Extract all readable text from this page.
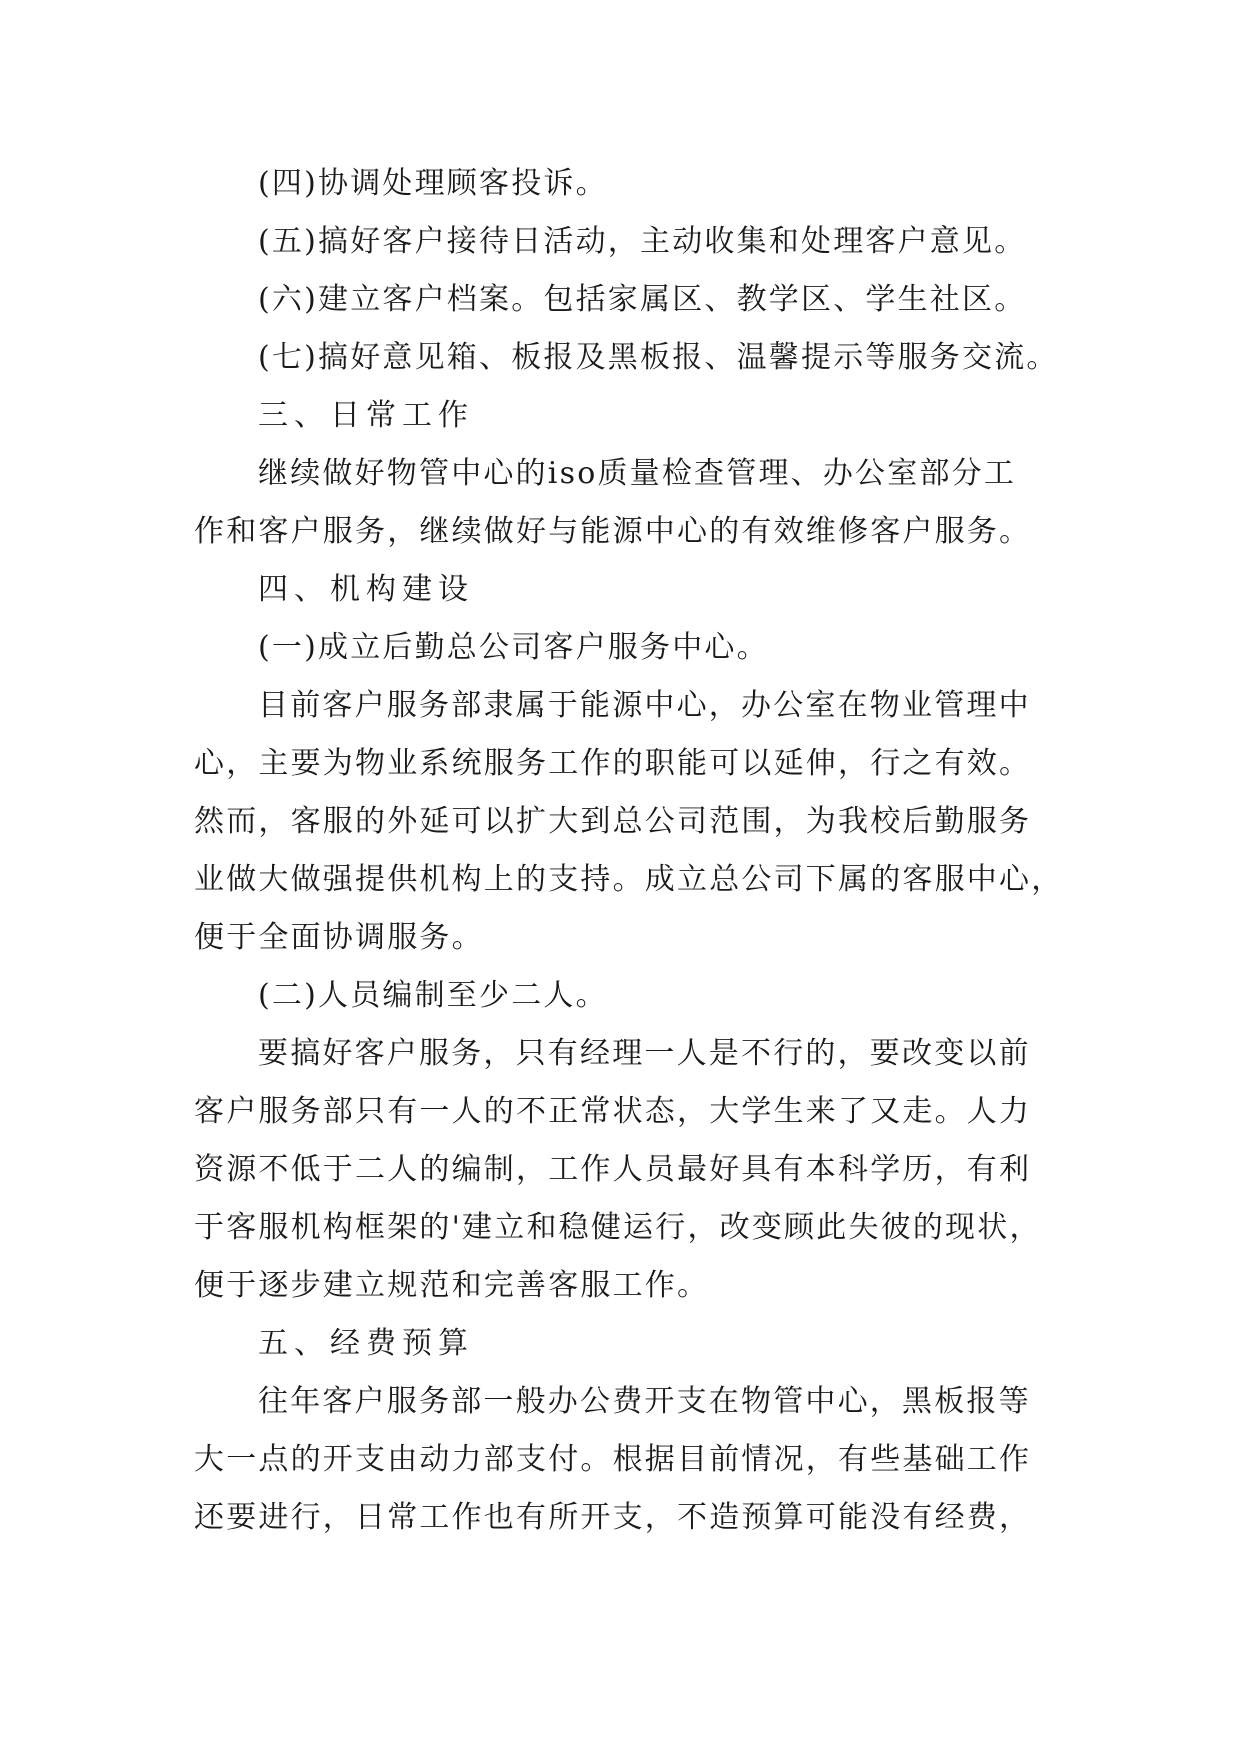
(四)协调处理顾客投诉。
(五)搞好客户接待日活动，主动收集和处理客户意见。
(六)建立客户档案。包括家属区、教学区、学生社区。
(七)搞好意见箱、板报及黑板报、温馨提示等服务交流。
三、日常工作
继续做好物管中心的iso质量检查管理、办公室部分工
作和客户服务，继续做好与能源中心的有效维修客户服务。
四、机构建设
(一)成立后勤总公司客户服务中心。
目前客户服务部隶属于能源中心，办公室在物业管理中
心，主要为物业系统服务工作的职能可以延伸，行之有效。
然而，客服的外延可以扩大到总公司范围，为我校后勤服务
业做大做强提供机构上的支持。成立总公司下属的客服中心，
便于全面协调服务。
(二)人员编制至少二人。
要搞好客户服务，只有经理一人是不行的，要改变以前
客户服务部只有一人的不正常状态，大学生来了又走。人力
资源不低于二人的编制，工作人员最好具有本科学历，有利
于客服机构框架的'建立和稳健运行，改变顾此失彼的现状，
便于逐步建立规范和完善客服工作。
五、经费预算
往年客户服务部一般办公费开支在物管中心，黑板报等
大一点的开支由动力部支付。根据目前情况，有些基础工作
还要进行，日常工作也有所开支，不造预算可能没有经费，
